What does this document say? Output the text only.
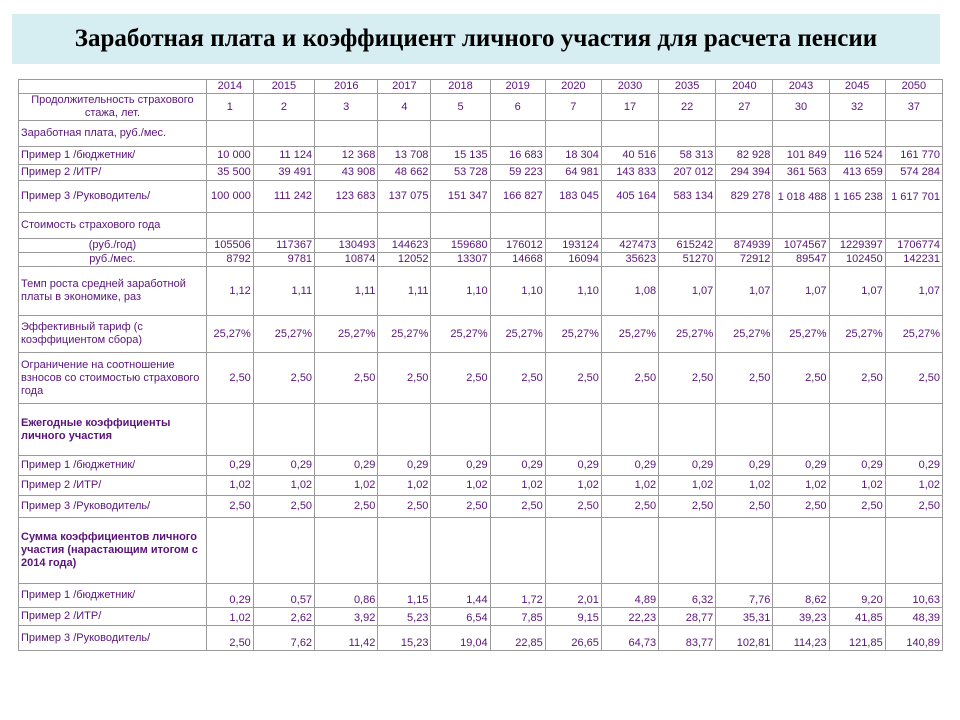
Заработная плата и коэффициент личного участия для расчета пенсии
	2014	2015	2016	2017	2018	2019	2020	2030	2035	2040	2043	2045	2050
Продолжительность страхового стажа, лет.	1	2	3	4	5	6	7	17	22	27	30	32	37
Заработная плата, руб./мес.													
Пример 1 /бюджетник/	10 000	11 124	12 368	13 708	15 135	16 683	18 304	40 516	58 313	82 928	101 849	116 524	161 770
Пример 2 /ИТР/	35 500	39 491	43 908	48 662	53 728	59 223	64 981	143 833	207 012	294 394	361 563	413 659	574 284
Пример 3 /Руководитель/	100 000	111 242	123 683	137 075	151 347	166 827	183 045	405 164	583 134	829 278	1 018 488	1 165 238	1 617 701
Стоимость страхового года													
(руб./год)	105506	117367	130493	144623	159680	176012	193124	427473	615242	874939	1074567	1229397	1706774
руб./мес.	8792	9781	10874	12052	13307	14668	16094	35623	51270	72912	89547	102450	142231
Темп роста средней заработной платы в экономике, раз	1,12	1,11	1,11	1,11	1,10	1,10	1,10	1,08	1,07	1,07	1,07	1,07	1,07
Эффективный тариф (с коэффициентом сбора)	25,27%	25,27%	25,27%	25,27%	25,27%	25,27%	25,27%	25,27%	25,27%	25,27%	25,27%	25,27%	25,27%
Ограничение на соотношение взносов со стоимостью страхового года	2,50	2,50	2,50	2,50	2,50	2,50	2,50	2,50	2,50	2,50	2,50	2,50	2,50
Ежегодные коэффициенты личного участия													
Пример 1 /бюджетник/	0,29	0,29	0,29	0,29	0,29	0,29	0,29	0,29	0,29	0,29	0,29	0,29	0,29
Пример 2 /ИТР/	1,02	1,02	1,02	1,02	1,02	1,02	1,02	1,02	1,02	1,02	1,02	1,02	1,02
Пример 3 /Руководитель/	2,50	2,50	2,50	2,50	2,50	2,50	2,50	2,50	2,50	2,50	2,50	2,50	2,50
Сумма коэффициентов личного участия (нарастающим итогом с 2014 года)													
Пример 1 /бюджетник/	0,29	0,57	0,86	1,15	1,44	1,72	2,01	4,89	6,32	7,76	8,62	9,20	10,63
Пример 2 /ИТР/	1,02	2,62	3,92	5,23	6,54	7,85	9,15	22,23	28,77	35,31	39,23	41,85	48,39
Пример 3 /Руководитель/	2,50	7,62	11,42	15,23	19,04	22,85	26,65	64,73	83,77	102,81	114,23	121,85	140,89
